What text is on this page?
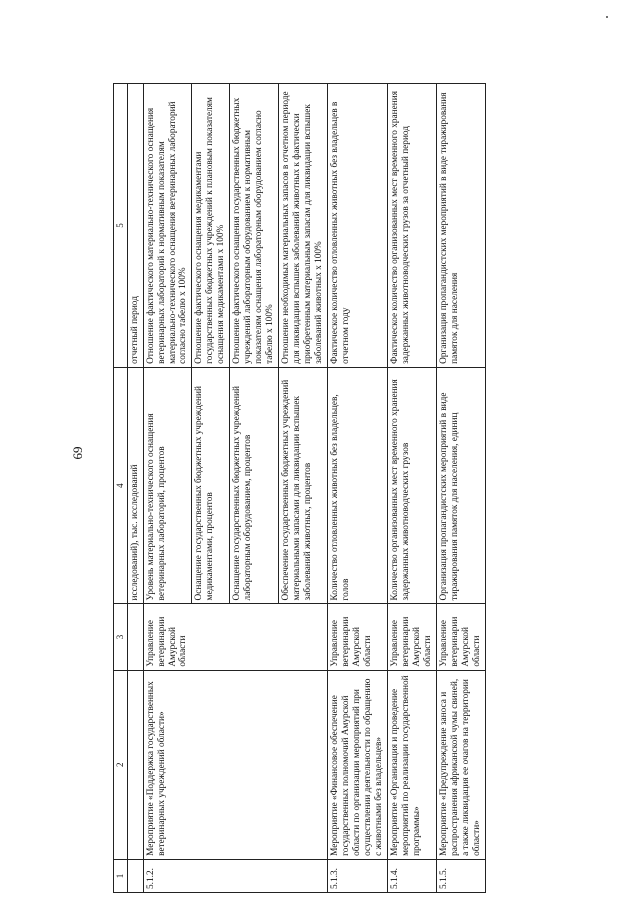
69
1	2	3	4	5
			исследований), тыс. исследований	отчетный период
5.1.2.	Мероприятие «Поддержка государственных ветеринарных учреждений области»	Управление ветеринарии Амурской области	Уровень материально-технического оснащения ветеринарных лабораторий, процентов	Отношение фактического материально-технического оснащения ветеринарных лабораторий к нормативным показателям материально-технического оснащения ветеринарных лабораторий согласно табелю х 100%
			Оснащение государственных бюджетных учреждений медикаментами, процентов	Отношение фактического оснащения медикаментами государственных бюджетных учреждений к плановым показателям оснащения медикаментами х 100%
			Оснащение государственных бюджетных учреждений лабораторным оборудованием, процентов	Отношение фактического оснащения государственных бюджетных учреждений лабораторным оборудованием к нормативным показателям оснащения лабораторным оборудованием согласно табелю х 100%
			Обеспечение государственных бюджетных учреждений материальными запасами для ликвидации вспышек заболеваний животных, процентов	Отношение необходимых материальных запасов в отчетном периоде для ликвидации вспышек заболеваний животных к фактически приобретенным материальным запасам для ликвидации вспышек заболеваний животных х 100%
5.1.3.	Мероприятие «Финансовое обеспечение государственных полномочий Амурской области по организации мероприятий при осуществлении деятельности по обращению с животными без владельцев»	Управление ветеринарии Амурской области	Количество отловленных животных без владельцев, голов	Фактическое количество отловленных животных без владельцев в отчетном году
5.1.4.	Мероприятие «Организация и проведение мероприятий по реализации государственной программы»	Управление ветеринарии Амурской области	Количество организованных мест временного хранения задержанных животноводческих грузов	Фактическое количество организованных мест временного хранения задержанных животноводческих грузов за отчетный период
5.1.5.	Мероприятие «Предупреждение заноса и распространения африканской чумы свиней, а также ликвидация ее очагов на территории области»	Управление ветеринарии Амурской области	Организация пропагандистских мероприятий в виде тиражирования памяток для населения, единиц	Организация пропагандистских мероприятий в виде тиражирования памяток для населения
